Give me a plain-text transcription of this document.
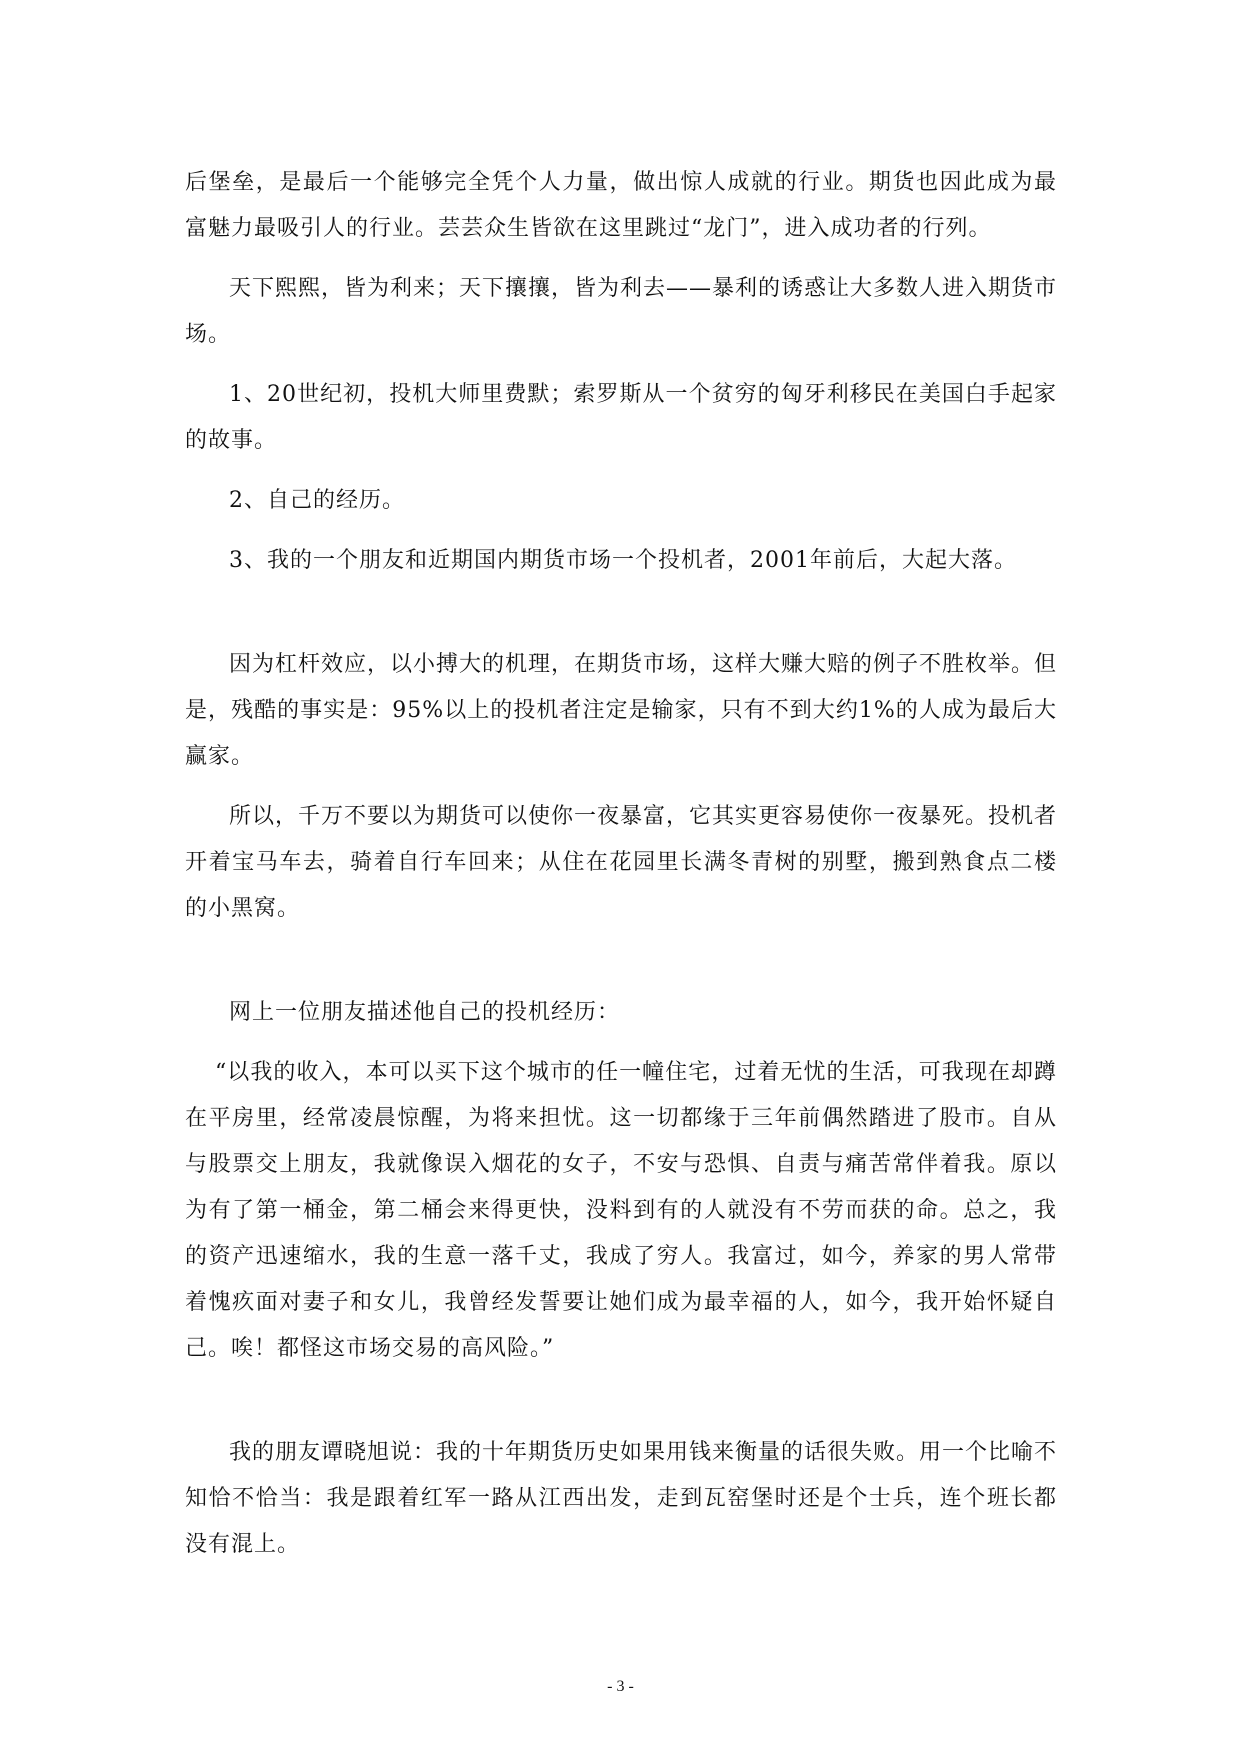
后堡垒，是最后一个能够完全凭个人力量，做出惊人成就的行业。期货也因此成为最富魅力最吸引人的行业。芸芸众生皆欲在这里跳过“龙门”，进入成功者的行列。

天下熙熙，皆为利来；天下攘攘，皆为利去——暴利的诱惑让大多数人进入期货市场。

1、20世纪初，投机大师里费默；索罗斯从一个贫穷的匈牙利移民在美国白手起家的故事。

2、自己的经历。

3、我的一个朋友和近期国内期货市场一个投机者，2001年前后，大起大落。

因为杠杆效应，以小搏大的机理，在期货市场，这样大赚大赔的例子不胜枚举。但是，残酷的事实是：95%以上的投机者注定是输家，只有不到大约1%的人成为最后大赢家。

所以，千万不要以为期货可以使你一夜暴富，它其实更容易使你一夜暴死。投机者开着宝马车去，骑着自行车回来；从住在花园里长满冬青树的别墅，搬到熟食点二楼的小黑窝。

网上一位朋友描述他自己的投机经历：

“以我的收入，本可以买下这个城市的任一幢住宅，过着无忧的生活，可我现在却蹲在平房里，经常凌晨惊醒，为将来担忧。这一切都缘于三年前偶然踏进了股市。自从与股票交上朋友，我就像误入烟花的女子，不安与恐惧、自责与痛苦常伴着我。原以为有了第一桶金，第二桶会来得更快，没料到有的人就没有不劳而获的命。总之，我的资产迅速缩水，我的生意一落千丈，我成了穷人。我富过，如今，养家的男人常带着愧疚面对妻子和女儿，我曾经发誓要让她们成为最幸福的人，如今，我开始怀疑自己。唉！都怪这市场交易的高风险。”

我的朋友谭晓旭说：我的十年期货历史如果用钱来衡量的话很失败。用一个比喻不知恰不恰当：我是跟着红军一路从江西出发，走到瓦窑堡时还是个士兵，连个班长都没有混上。

- 3 -
